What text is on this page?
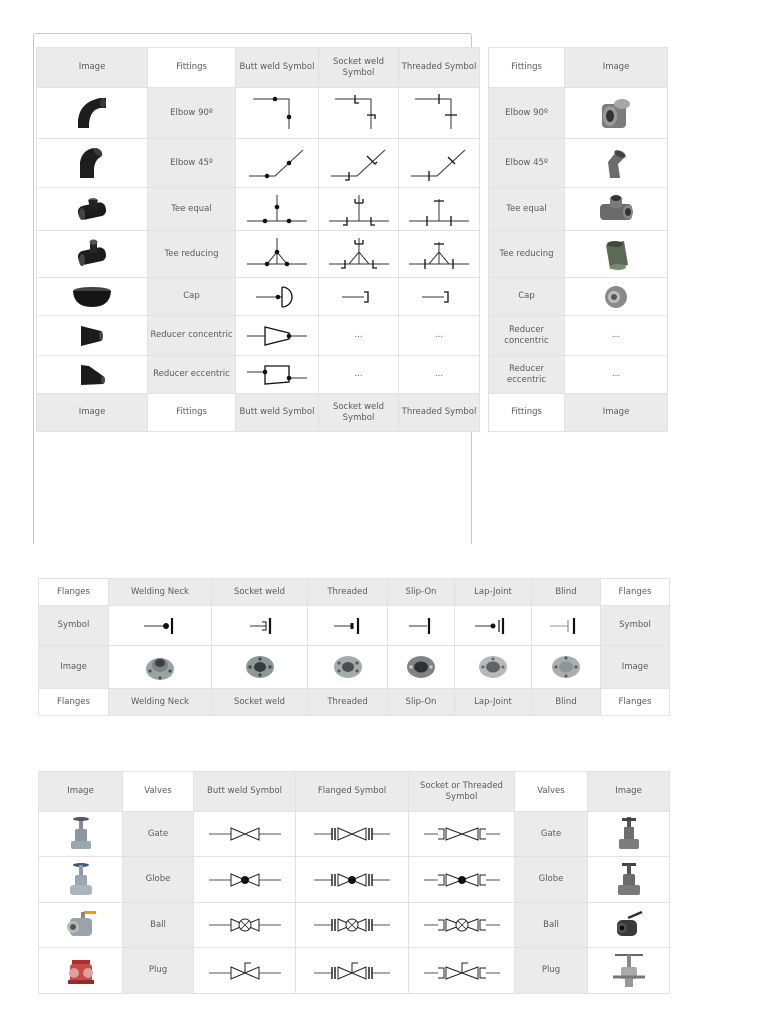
Image	Fittings	Butt weld Symbol	Socket weld Symbol	Threaded Symbol		Fittings	Image

	Elbow 90º					Elbow 90º	

	Elbow 45º					Elbow 45º	

	Tee equal					Tee equal	

	Tee reducing					Tee reducing	

	Cap					Cap	

	Reducer concentric		...	...		Reducer concentric	...

	Reducer eccentric		...	...		Reducer eccentric	...
Image	Fittings	Butt weld Symbol	Socket weld Symbol	Threaded Symbol		Fittings	Image
Flanges	Welding Neck	Socket weld	Threaded	Slip-On	Lap-Joint	Blind	Flanges
Symbol							Symbol
Image							Image
Flanges	Welding Neck	Socket weld	Threaded	Slip-On	Lap-Joint	Blind	Flanges
Image	Valves	Butt weld Symbol	Flanged Symbol	Socket or Threaded Symbol	Valves	Image

	Gate				Gate	

	Globe				Globe	

	Ball				Ball	

	Plug				Plug	
